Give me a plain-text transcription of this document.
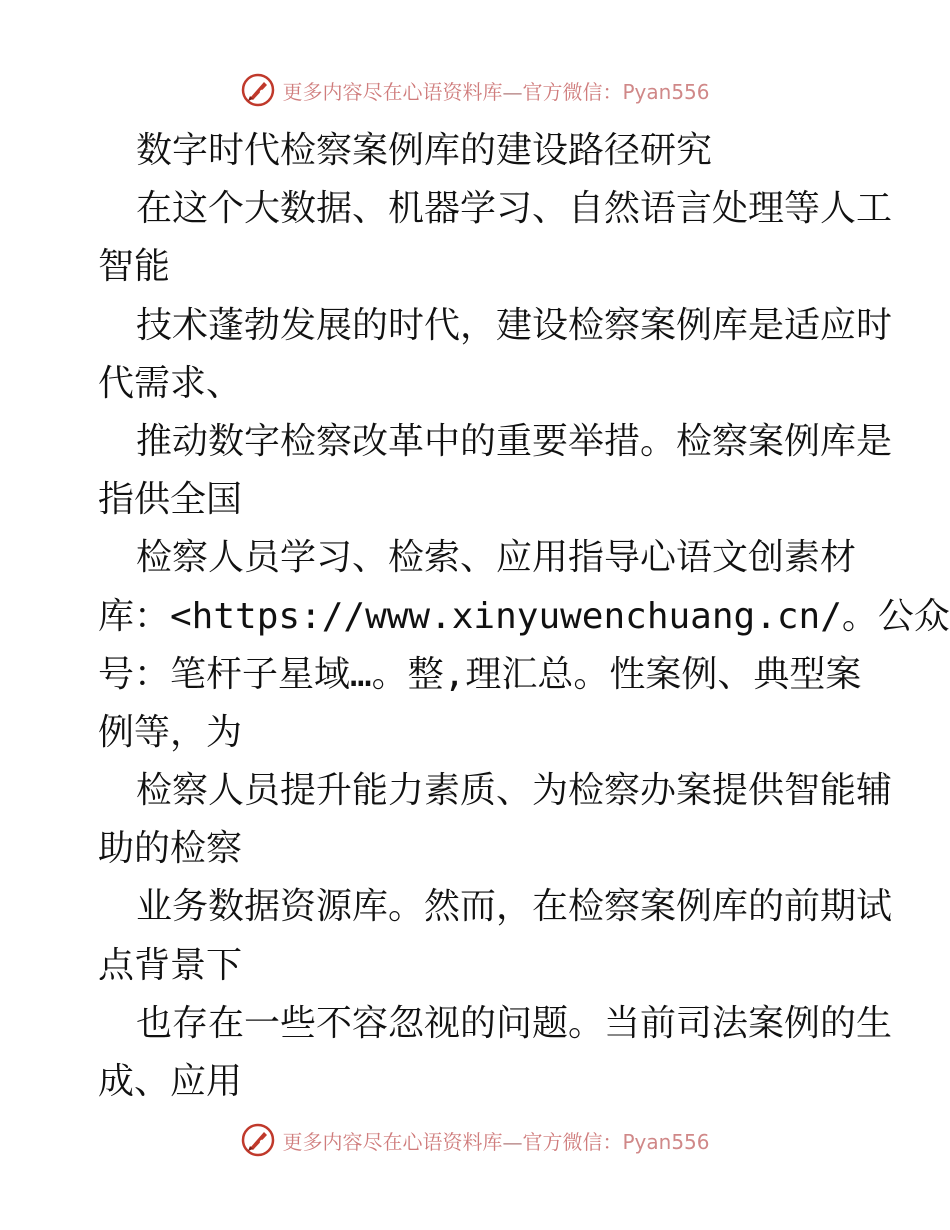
更多内容尽在心语资料库—官方微信：Pyan556
数字时代检察案例库的建设路径研究
在这个大数据、机器学习、自然语言处理等人工
智能
技术蓬勃发展的时代，建设检察案例库是适应时
代需求、
推动数字检察改革中的重要举措。检察案例库是
指供全国
检察人员学习、检索、应用指导心语文创素材
库：<https://www.xinyuwenchuang.cn/。公众
号：笔杆子星域…。整,理汇总。性案例、典型案
例等，为
检察人员提升能力素质、为检察办案提供智能辅
助的检察
业务数据资源库。然而，在检察案例库的前期试
点背景下
也存在一些不容忽视的问题。当前司法案例的生
成、应用
更多内容尽在心语资料库—官方微信：Pyan556
